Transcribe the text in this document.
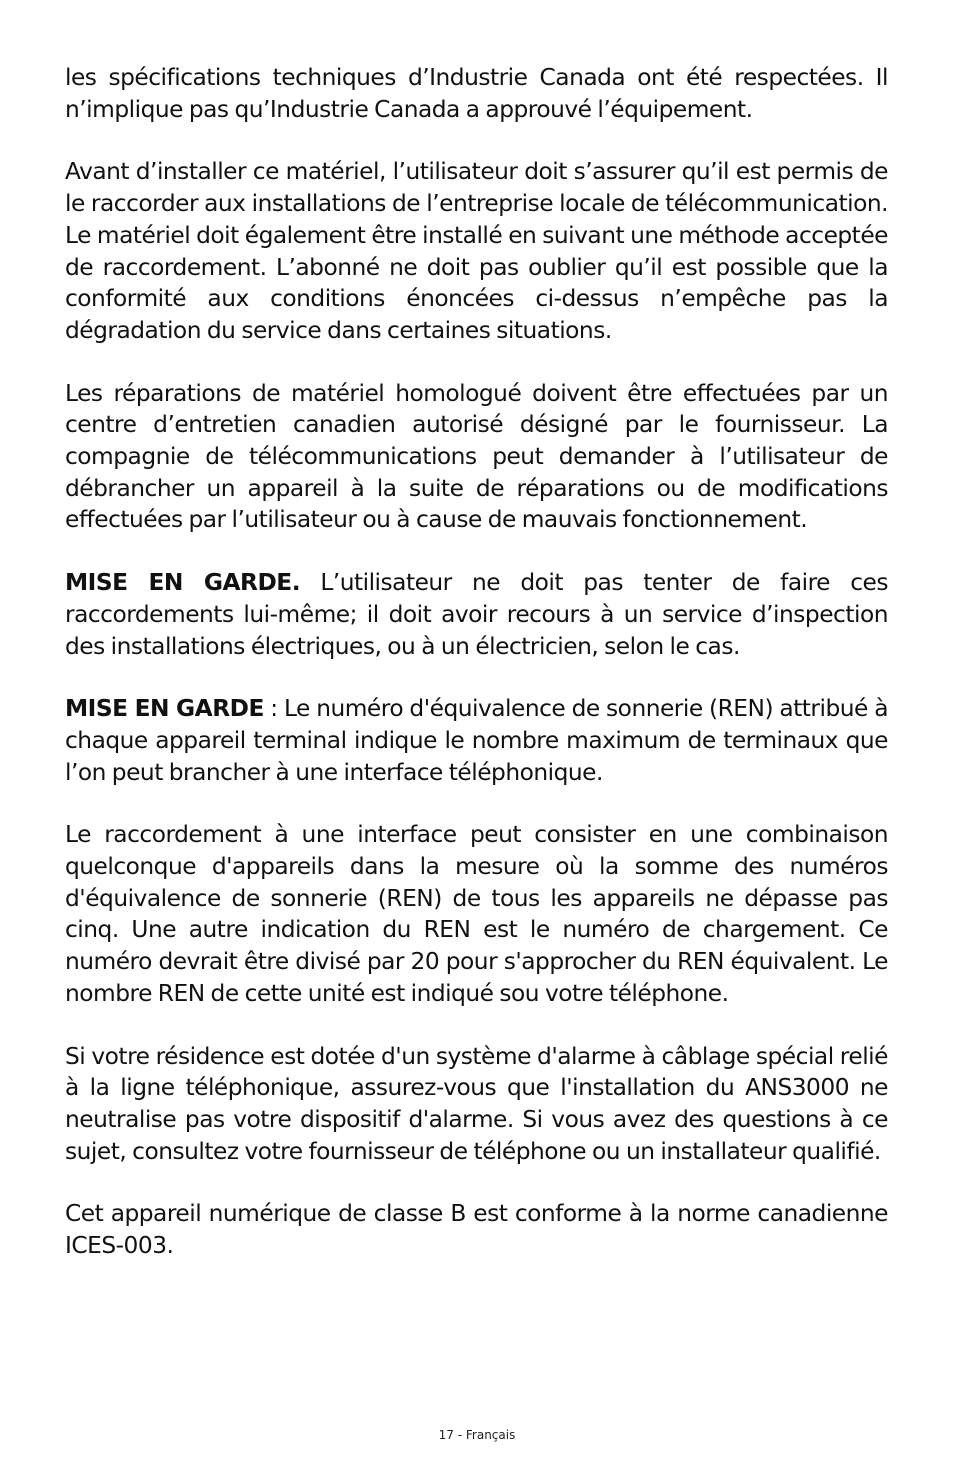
les spécifications techniques d’Industrie Canada ont été respectées. Il n’implique pas qu’Industrie Canada a approuvé l’équipement.

Avant d’installer ce matériel, l’utilisateur doit s’assurer qu’il est permis de le raccorder aux installations de l’entreprise locale de télécommunication. Le matériel doit également être installé en suivant une méthode acceptée de raccordement. L’abonné ne doit pas oublier qu’il est possible que la conformité aux conditions énoncées ci-dessus n’empêche pas la dégradation du service dans certaines situations.

Les réparations de matériel homologué doivent être effectuées par un centre d’entretien canadien autorisé désigné par le fournisseur. La compagnie de télécommunications peut demander à l’utilisateur de débrancher un appareil à la suite de réparations ou de modifications effectuées par l’utilisateur ou à cause de mauvais fonctionnement.

MISE EN GARDE. L’utilisateur ne doit pas tenter de faire ces raccordements lui-même; il doit avoir recours à un service d’inspection des installations électriques, ou à un électricien, selon le cas.

MISE EN GARDE : Le numéro d'équivalence de sonnerie (REN) attribué à chaque appareil terminal indique le nombre maximum de terminaux que l’on peut brancher à une interface téléphonique.

Le raccordement à une interface peut consister en une combinaison quelconque d'appareils dans la mesure où la somme des numéros d'équivalence de sonnerie (REN) de tous les appareils ne dépasse pas cinq. Une autre indication du REN est le numéro de chargement. Ce numéro devrait être divisé par 20 pour s'approcher du REN équivalent. Le nombre REN de cette unité est indiqué sou votre téléphone.

Si votre résidence est dotée d'un système d'alarme à câblage spécial relié à la ligne téléphonique, assurez-vous que l'installation du ANS3000 ne neutralise pas votre dispositif d'alarme. Si vous avez des questions à ce sujet, consultez votre fournisseur de téléphone ou un installateur qualifié.

Cet appareil numérique de classe B est conforme à la norme canadienne ICES-003.

17 - Français
